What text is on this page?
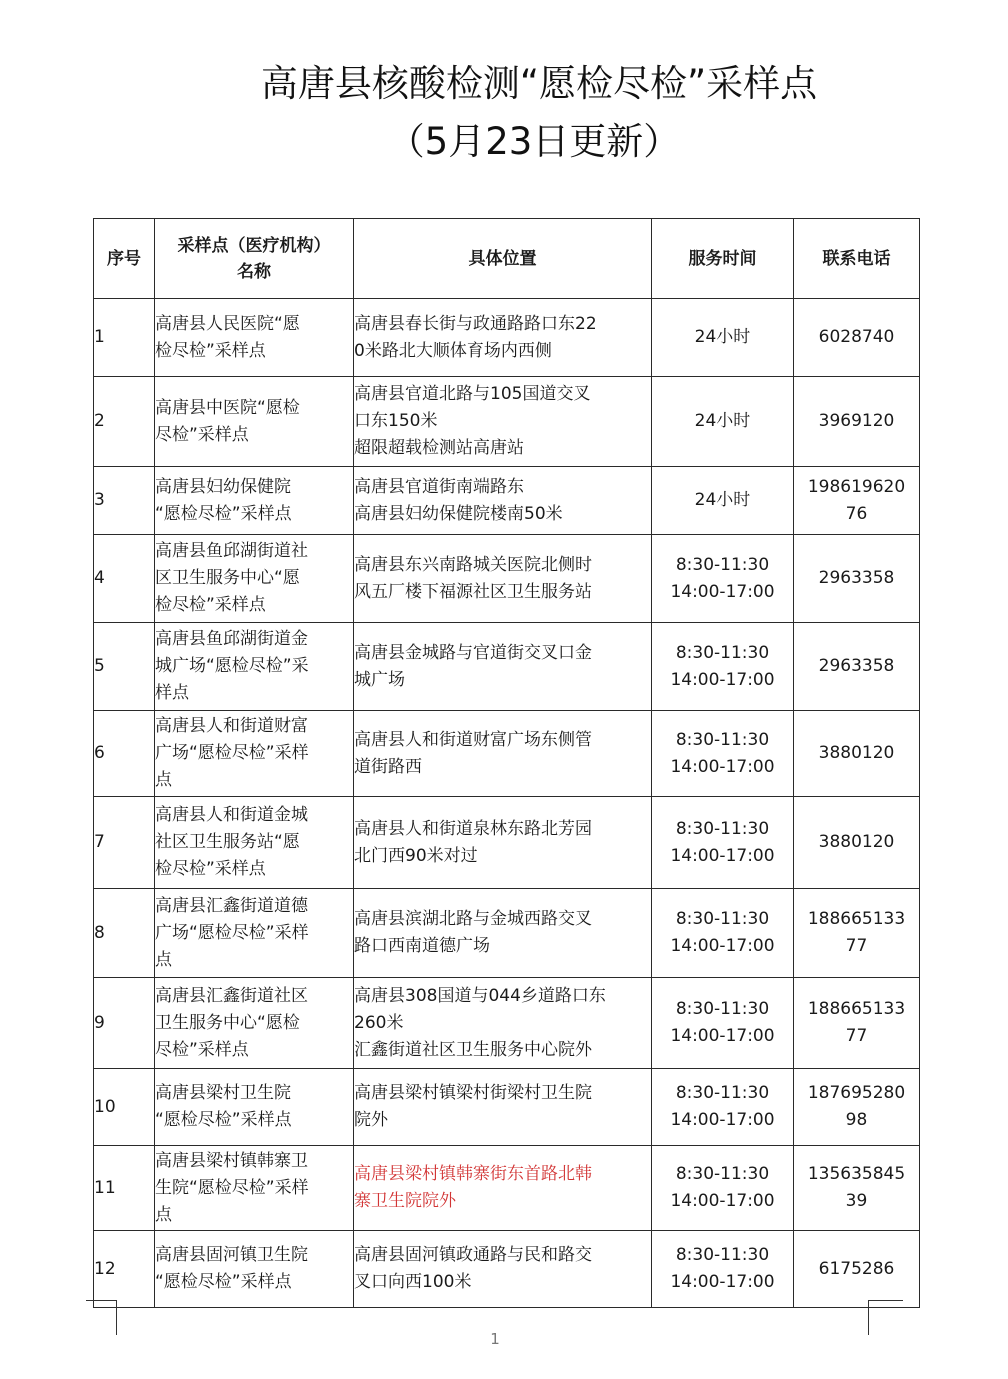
高唐县核酸检测“愿检尽检”采样点
（5月23日更新）
序号	采样点（医疗机构）
名称	具体位置	服务时间	联系电话
1	高唐县人民医院“愿
检尽检”采样点	高唐县春长街与政通路路口东22
0米路北大顺体育场内西侧	24小时	6028740

2	高唐县中医院“愿检
尽检”采样点	高唐县官道北路与105国道交叉
口东150米
超限超载检测站高唐站	24小时	3969120

3	高唐县妇幼保健院
“愿检尽检”采样点	高唐县官道街南端路东
高唐县妇幼保健院楼南50米	24小时	198619620
76

4	高唐县鱼邱湖街道社
区卫生服务中心“愿
检尽检”采样点	高唐县东兴南路城关医院北侧时
风五厂楼下福源社区卫生服务站	8:30-11:30
14:00-17:00	2963358

5	高唐县鱼邱湖街道金
城广场“愿检尽检”采
样点	高唐县金城路与官道街交叉口金
城广场	8:30-11:30
14:00-17:00	2963358

6	高唐县人和街道财富
广场“愿检尽检”采样
点	高唐县人和街道财富广场东侧管
道街路西	8:30-11:30
14:00-17:00	3880120

7	高唐县人和街道金城
社区卫生服务站“愿
检尽检”采样点	高唐县人和街道泉林东路北芳园
北门西90米对过	8:30-11:30
14:00-17:00	3880120

8	高唐县汇鑫街道道德
广场“愿检尽检”采样
点	高唐县滨湖北路与金城西路交叉
路口西南道德广场	8:30-11:30
14:00-17:00	188665133
77

9	高唐县汇鑫街道社区
卫生服务中心“愿检
尽检”采样点	高唐县308国道与044乡道路口东
260米
汇鑫街道社区卫生服务中心院外	8:30-11:30
14:00-17:00	188665133
77

10	高唐县梁村卫生院
“愿检尽检”采样点	高唐县梁村镇梁村街梁村卫生院
院外	8:30-11:30
14:00-17:00	187695280
98

11	高唐县梁村镇韩寨卫
生院“愿检尽检”采样
点	高唐县梁村镇韩寨街东首路北韩
寨卫生院院外	8:30-11:30
14:00-17:00	135635845
39

12	高唐县固河镇卫生院
“愿检尽检”采样点	高唐县固河镇政通路与民和路交
叉口向西100米	8:30-11:30
14:00-17:00	6175286
1
